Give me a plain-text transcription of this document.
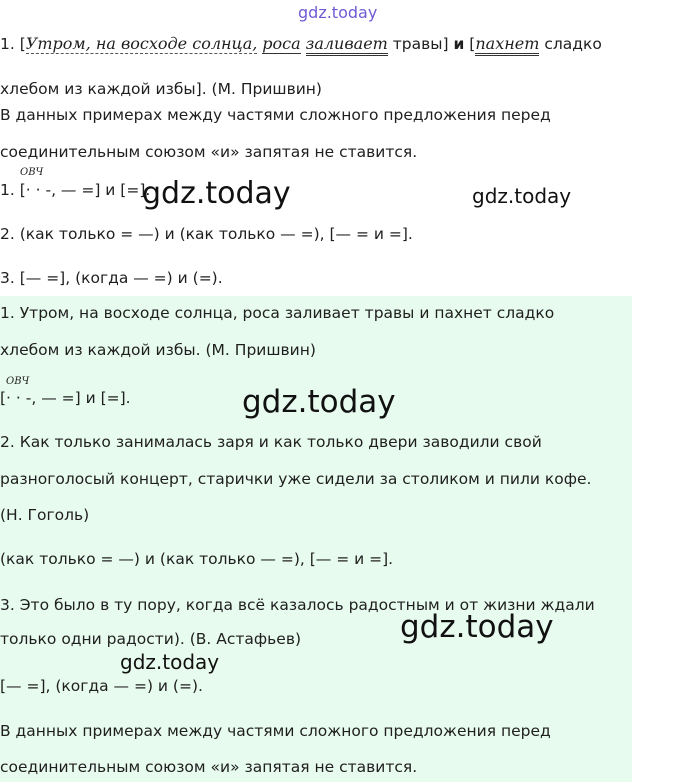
gdz.today
1. [Утром, на восходе солнца, роса заливает травы] и [пахнет сладко
хлебом из каждой избы]. (М. Пришвин)
В данных примерах между частями сложного предложения перед
соединительным союзом «и» запятая не ставится.
ОВЧ
1. [· · -, — =] и [=].
2. (как только = —) и (как только — =), [— = и =].
3. [— =], (когда — =) и (=).
gdz.today	gdz.today
1. Утром, на восходе солнца, роса заливает травы и пахнет сладко
хлебом из каждой избы. (М. Пришвин)
ОВЧ
[· · -, — =] и [=].	gdz.today
2. Как только занималась заря и как только двери заводили свой
разноголосый концерт, старички уже сидели за столиком и пили кофе.
(Н. Гоголь)
(как только = —) и (как только — =), [— = и =].
3. Это было в ту пору, когда всё казалось радостным и от жизни ждали
только одни радости). (В. Астафьев)	gdz.today
gdz.today
[— =], (когда — =) и (=).
В данных примерах между частями сложного предложения перед
соединительным союзом «и» запятая не ставится.
